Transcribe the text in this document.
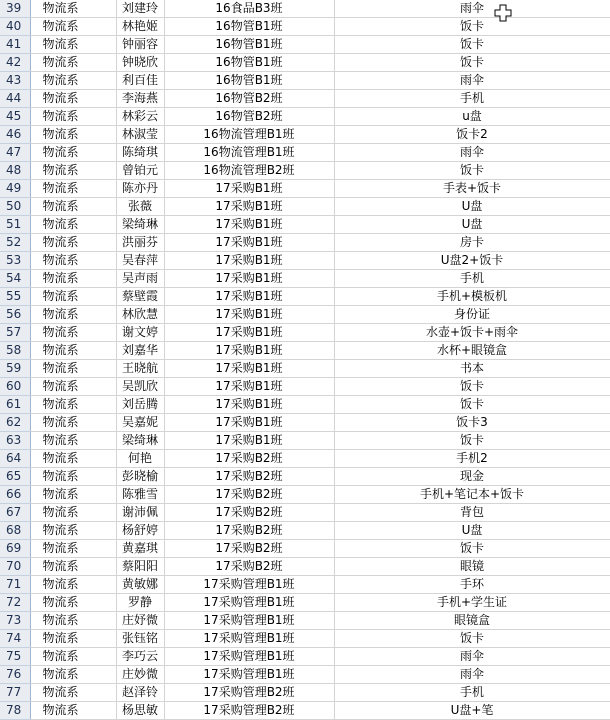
39	物流系	刘建玲	16食品B3班	雨伞
40	物流系	林艳姬	16物管B1班	饭卡
41	物流系	钟丽容	16物管B1班	饭卡
42	物流系	钟晓欣	16物管B1班	饭卡
43	物流系	利百佳	16物管B1班	雨伞
44	物流系	李海燕	16物管B2班	手机
45	物流系	林彩云	16物管B2班	u盘
46	物流系	林淑莹	16物流管理B1班	饭卡2
47	物流系	陈绮琪	16物流管理B1班	雨伞
48	物流系	曾铂元	16物流管理B2班	饭卡
49	物流系	陈亦丹	17采购B1班	手表+饭卡
50	物流系	张薇	17采购B1班	U盘
51	物流系	梁绮琳	17采购B1班	U盘
52	物流系	洪丽芬	17采购B1班	房卡
53	物流系	吴春萍	17采购B1班	U盘2+饭卡
54	物流系	吴声雨	17采购B1班	手机
55	物流系	蔡壁霞	17采购B1班	手机+模板机
56	物流系	林欣慧	17采购B1班	身份证
57	物流系	谢文婷	17采购B1班	水壶+饭卡+雨伞
58	物流系	刘嘉华	17采购B1班	水杯+眼镜盒
59	物流系	王晓航	17采购B1班	书本
60	物流系	吴凯欣	17采购B1班	饭卡
61	物流系	刘岳腾	17采购B1班	饭卡
62	物流系	吴嘉妮	17采购B1班	饭卡3
63	物流系	梁绮琳	17采购B1班	饭卡
64	物流系	何艳	17采购B2班	手机2
65	物流系	彭晓榆	17采购B2班	现金
66	物流系	陈雅雪	17采购B2班	手机+笔记本+饭卡
67	物流系	谢沛佩	17采购B2班	背包
68	物流系	杨舒婷	17采购B2班	U盘
69	物流系	黄嘉琪	17采购B2班	饭卡
70	物流系	蔡阳阳	17采购B2班	眼镜
71	物流系	黄敏娜	17采购管理B1班	手环
72	物流系	罗静	17采购管理B1班	手机+学生证
73	物流系	庄妤微	17采购管理B1班	眼镜盒
74	物流系	张钰铭	17采购管理B1班	饭卡
75	物流系	李巧云	17采购管理B1班	雨伞
76	物流系	庄妙微	17采购管理B1班	雨伞
77	物流系	赵泽铃	17采购管理B2班	手机
78	物流系	杨思敏	17采购管理B2班	U盘+笔
